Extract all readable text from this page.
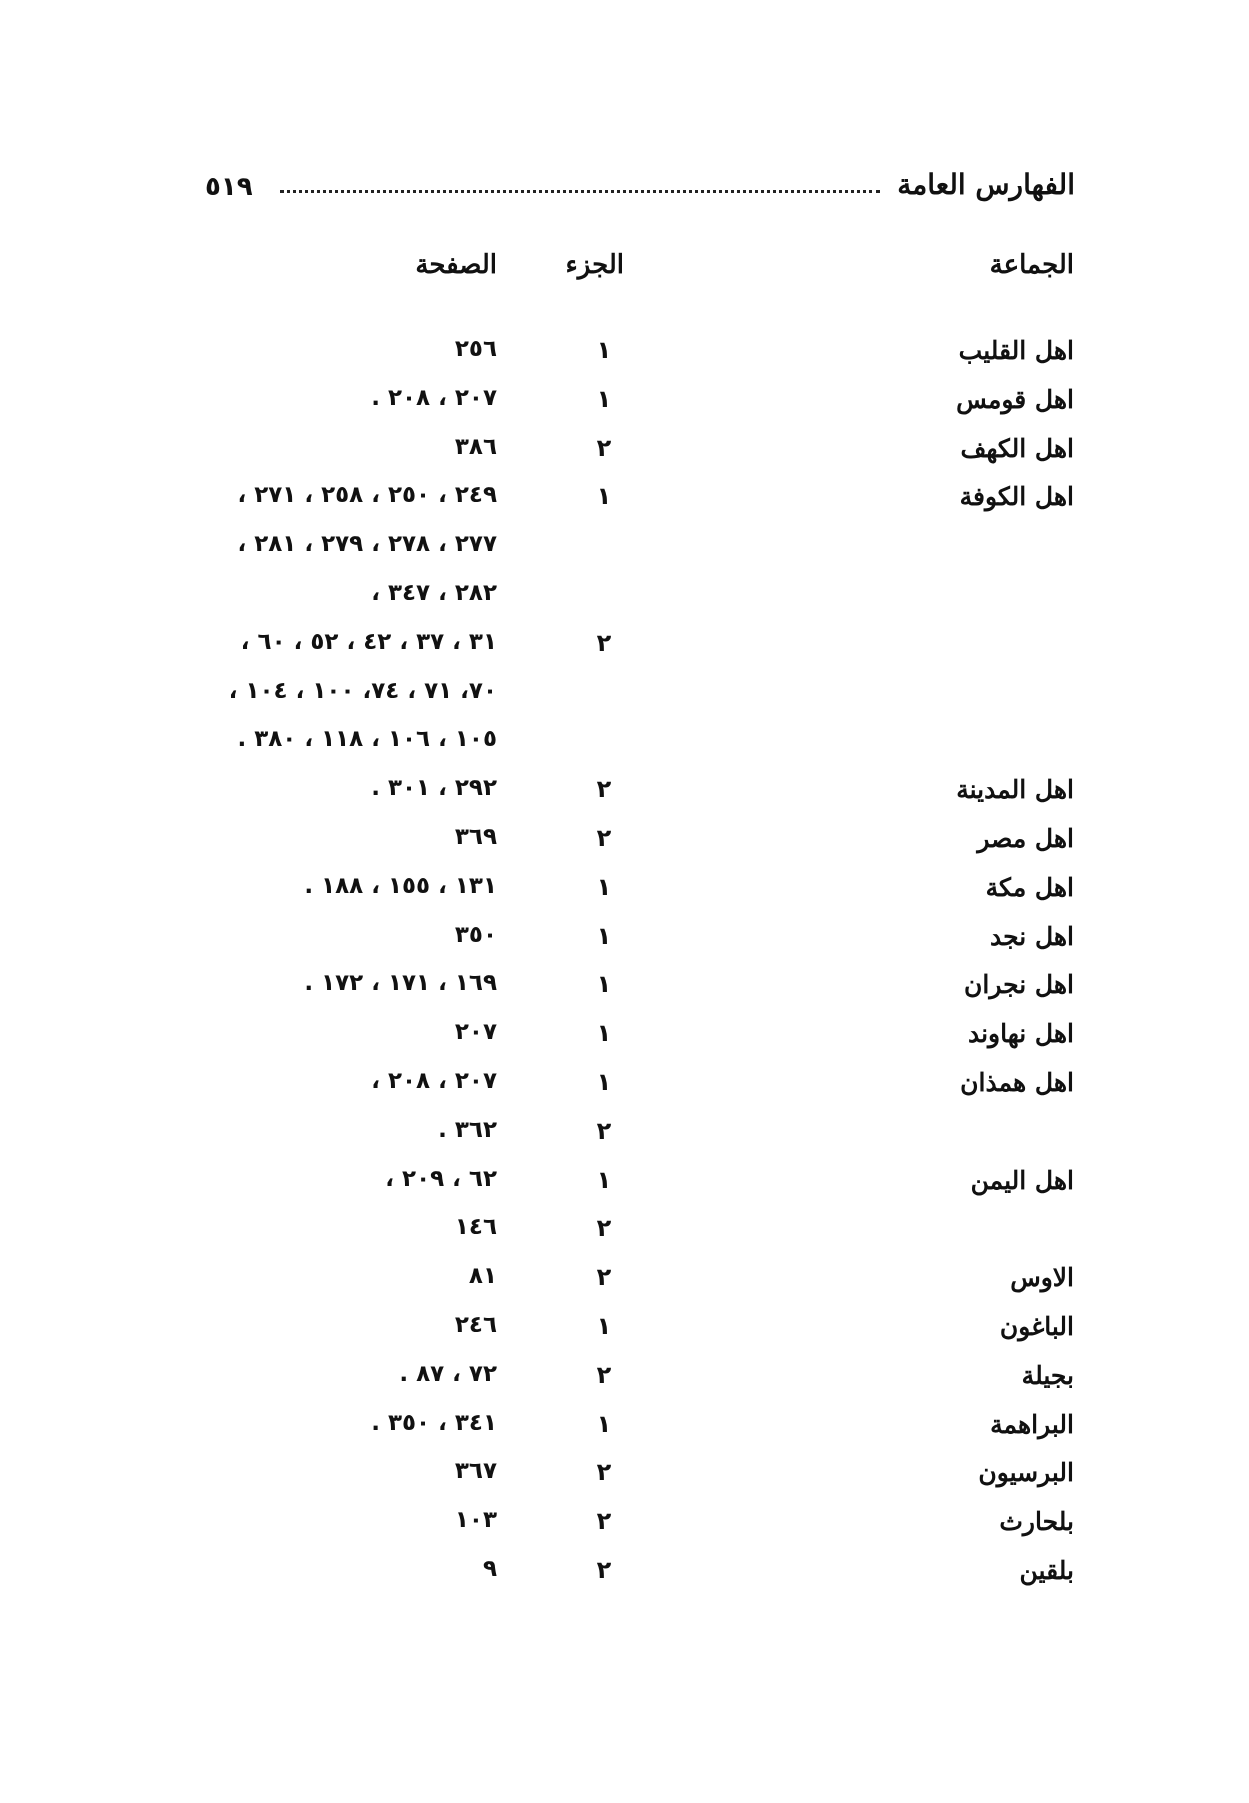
٥١٩	الفهارس العامة
الجماعة
الجزء
الصفحة
اهل القليب
١
٢٥٦
اهل قومس
١
٢٠٧ ، ٢٠٨ .
اهل الكهف
٢
٣٨٦
اهل الكوفة
١
٢٤٩ ، ٢٥٠ ، ٢٥٨ ، ٢٧١ ،
٢٧٧ ، ٢٧٨ ، ٢٧٩ ، ٢٨١ ،
٢٨٢ ، ٣٤٧ ،
٢
٣١ ، ٣٧ ، ٤٢ ، ٥٢ ، ٦٠ ،
٧٠، ٧١ ، ٧٤، ١٠٠ ، ١٠٤ ،
١٠٥ ، ١٠٦ ، ١١٨ ، ٣٨٠ .
اهل المدينة
٢
٢٩٢ ، ٣٠١ .
اهل مصر
٢
٣٦٩
اهل مكة
١
١٣١ ، ١٥٥ ، ١٨٨ .
اهل نجد
١
٣٥٠
اهل نجران
١
١٦٩ ، ١٧١ ، ١٧٢ .
اهل نهاوند
١
٢٠٧
اهل همذان
١
٢٠٧ ، ٢٠٨ ،
٢
٣٦٢ .
اهل اليمن
١
٦٢ ، ٢٠٩ ،
٢
١٤٦
الاوس
٢
٨١
الباغون
١
٢٤٦
بجيلة
٢
٧٢ ، ٨٧ .
البراهمة
١
٣٤١ ، ٣٥٠ .
البرسيون
٢
٣٦٧
بلحارث
٢
١٠٣
بلقين
٢
٩
